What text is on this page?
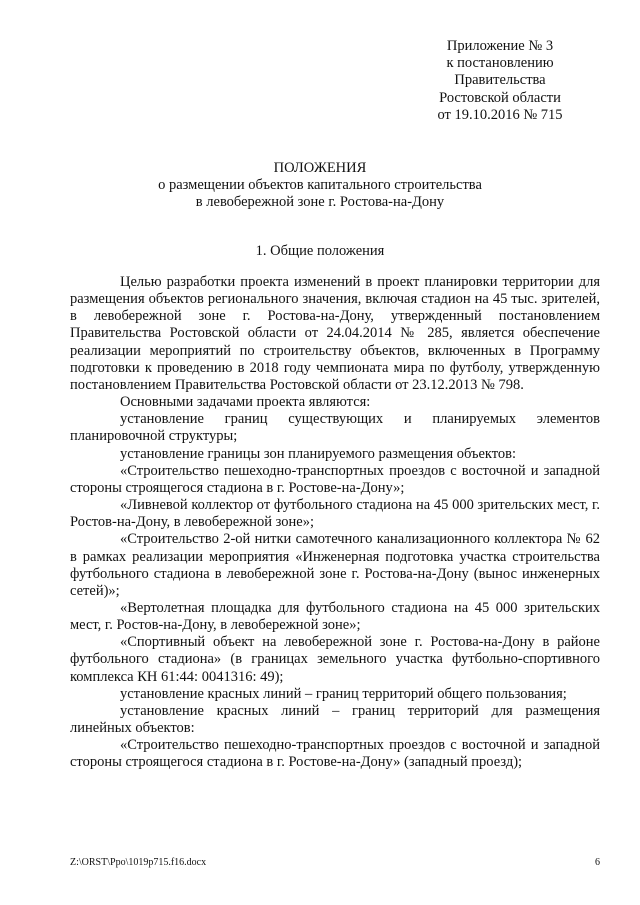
Приложение № 3
к постановлению
Правительства
Ростовской области
от 19.10.2016 № 715
ПОЛОЖЕНИЯ
о размещении объектов капитального строительства
в левобережной зоне г. Ростова-на-Дону
1. Общие положения

Целью разработки проекта изменений в проект планировки территории для размещения объектов регионального значения, включая стадион на 45 тыс. зрителей, в левобережной зоне г. Ростова-на-Дону, утвержденный постановлением Правительства Ростовской области от 24.04.2014 № 285, является обеспечение реализации мероприятий по строительству объектов, включенных в Программу подготовки к проведению в 2018 году чемпионата мира по футболу, утвержденную постановлением Правительства Ростовской области от 23.12.2013 № 798.

Основными задачами проекта являются:

установление границ существующих и планируемых элементов планировочной структуры;

установление границы зон планируемого размещения объектов:

«Строительство пешеходно-транспортных проездов с восточной и западной стороны строящегося стадиона в г. Ростове-на-Дону»;

«Ливневой коллектор от футбольного стадиона на 45 000 зрительских мест, г. Ростов-на-Дону, в левобережной зоне»;

«Строительство 2-ой нитки самотечного канализационного коллектора № 62 в рамках реализации мероприятия «Инженерная подготовка участка строительства футбольного стадиона в левобережной зоне г. Ростова-на-Дону (вынос инженерных сетей)»;

«Вертолетная площадка для футбольного стадиона на 45 000 зрительских мест, г. Ростов-на-Дону, в левобережной зоне»;

«Спортивный объект на левобережной зоне г. Ростова-на-Дону в районе футбольного стадиона» (в границах земельного участка футбольно-спортивного комплекса КН 61:44: 0041316: 49);

установление красных линий – границ территорий общего пользования;

установление красных линий – границ территорий для размещения линейных объектов:

«Строительство пешеходно-транспортных проездов с восточной и западной стороны строящегося стадиона в г. Ростове-на-Дону» (западный проезд);

Z:\ORST\Ppo\1019p715.f16.docx	6
